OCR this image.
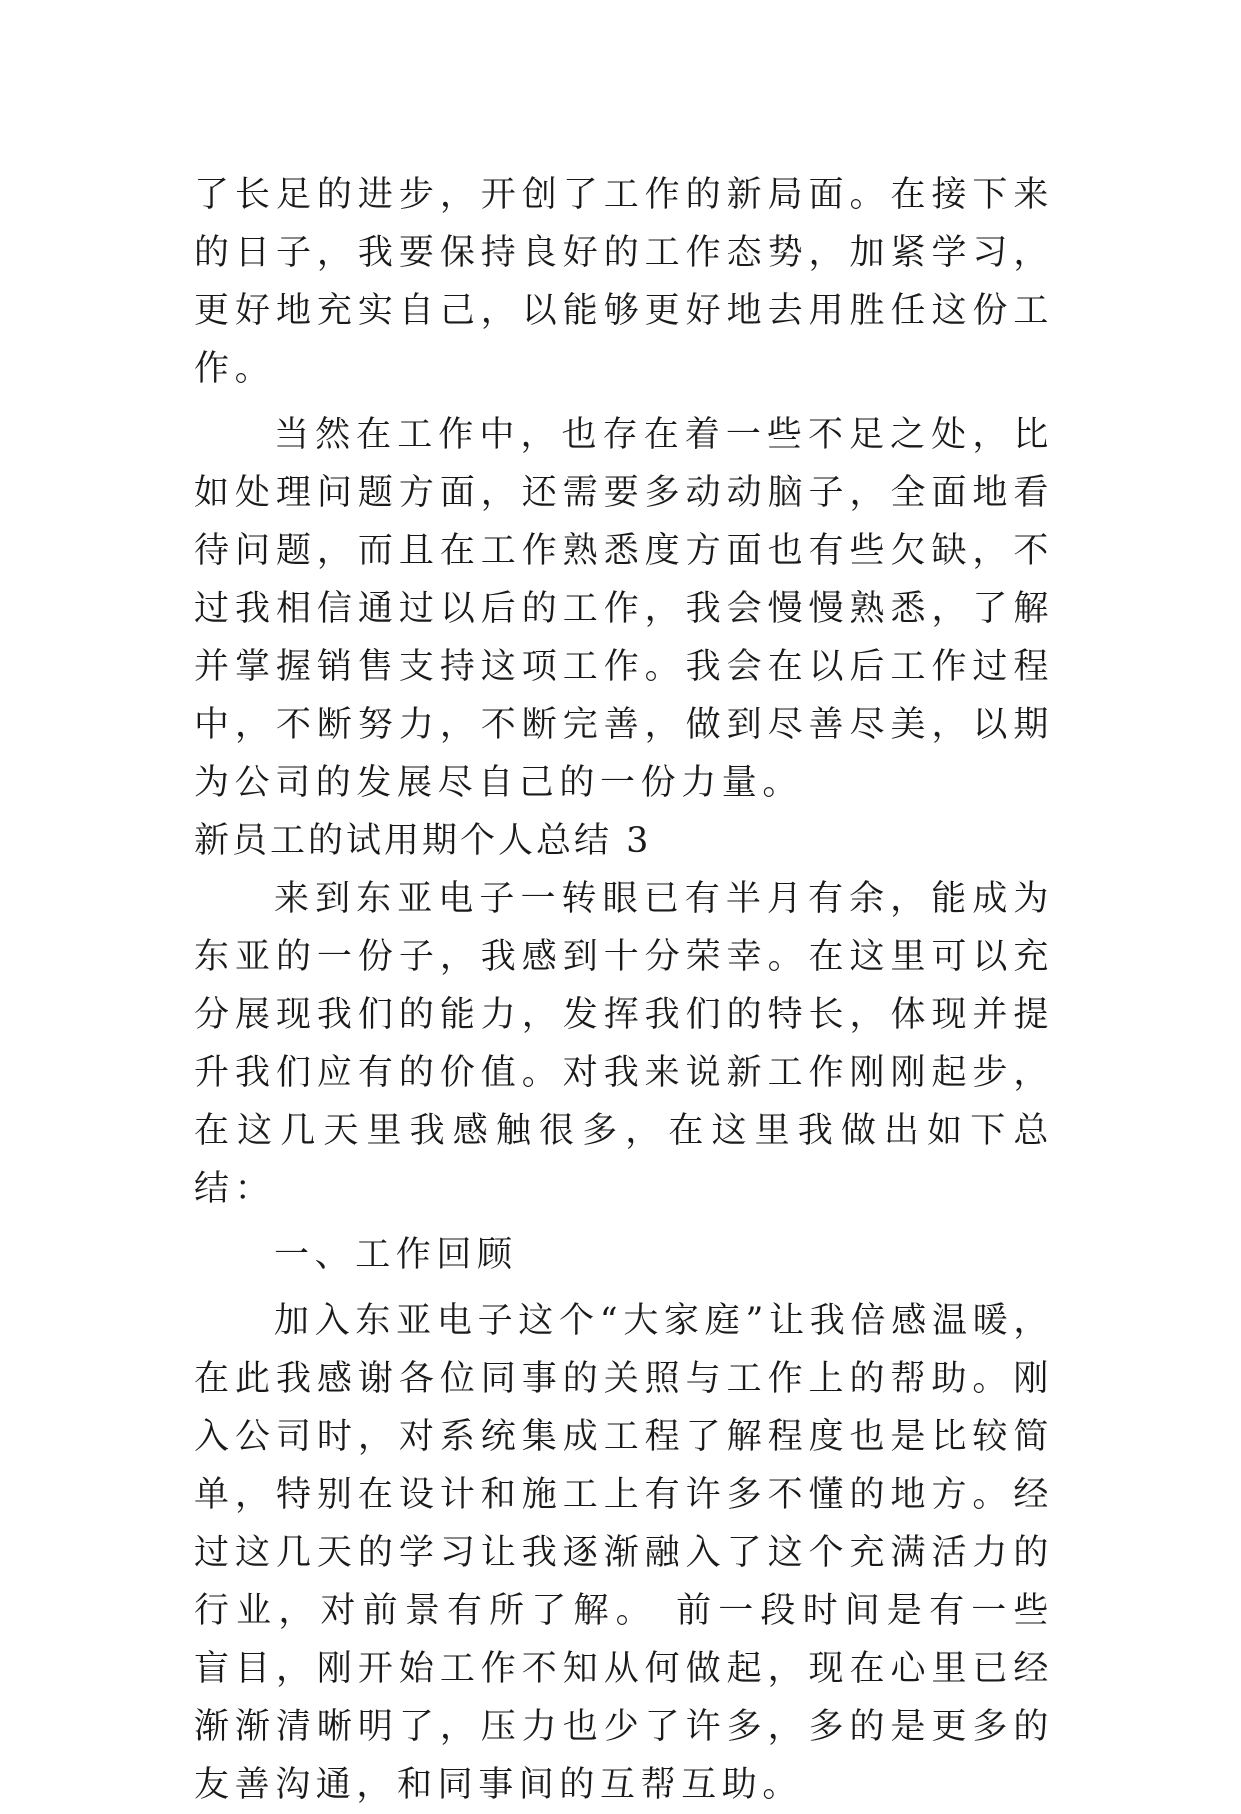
了长足的进步，开创了工作的新局面。在接下来的日子，我要保持良好的工作态势，加紧学习，更好地充实自己，以能够更好地去用胜任这份工作。

当然在工作中，也存在着一些不足之处，比如处理问题方面，还需要多动动脑子，全面地看待问题，而且在工作熟悉度方面也有些欠缺，不过我相信通过以后的工作，我会慢慢熟悉，了解并掌握销售支持这项工作。我会在以后工作过程中，不断努力，不断完善，做到尽善尽美，以期为公司的发展尽自己的一份力量。

新员工的试用期个人总结 3

来到东亚电子一转眼已有半月有余，能成为东亚的一份子，我感到十分荣幸。在这里可以充分展现我们的能力，发挥我们的特长，体现并提升我们应有的价值。对我来说新工作刚刚起步，在这几天里我感触很多，在这里我做出如下总结：

一、工作回顾

加入东亚电子这个“大家庭”让我倍感温暖，在此我感谢各位同事的关照与工作上的帮助。刚入公司时，对系统集成工程了解程度也是比较简单，特别在设计和施工上有许多不懂的地方。经过这几天的学习让我逐渐融入了这个充满活力的行业，对前景有所了解。 前一段时间是有一些盲目，刚开始工作不知从何做起，现在心里已经渐渐清晰明了，压力也少了许多，多的是更多的友善沟通，和同事间的互帮互助。
